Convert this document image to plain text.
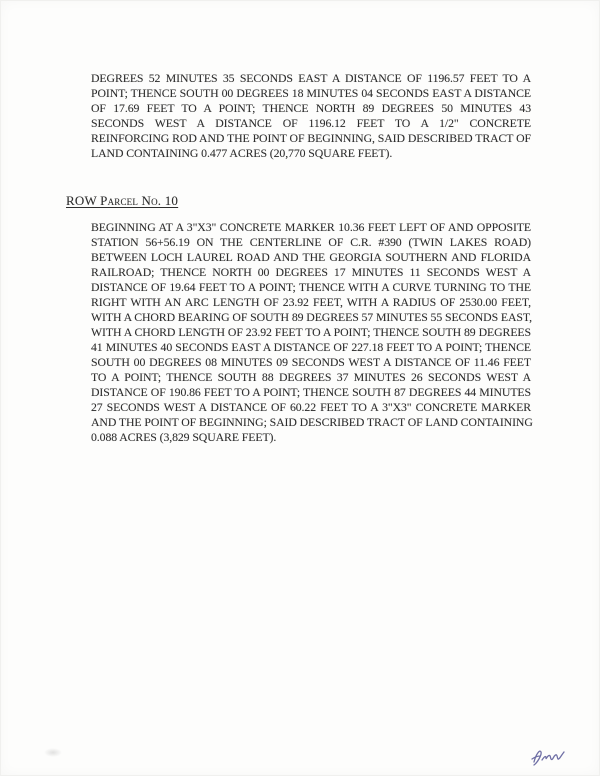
DEGREES 52 MINUTES 35 SECONDS EAST A DISTANCE OF 1196.57 FEET TO A
POINT; THENCE SOUTH 00 DEGREES 18 MINUTES 04 SECONDS EAST A DISTANCE
OF 17.69 FEET TO A POINT; THENCE NORTH 89 DEGREES 50 MINUTES 43
SECONDS WEST A DISTANCE OF 1196.12 FEET TO A 1/2" CONCRETE
REINFORCING ROD AND THE POINT OF BEGINNING, SAID DESCRIBED TRACT OF
LAND CONTAINING 0.477 ACRES (20,770 SQUARE FEET).
ROW Parcel No. 10
BEGINNING AT A 3"X3" CONCRETE MARKER 10.36 FEET LEFT OF AND OPPOSITE
STATION 56+56.19 ON THE CENTERLINE OF C.R. #390 (TWIN LAKES ROAD)
BETWEEN LOCH LAUREL ROAD AND THE GEORGIA SOUTHERN AND FLORIDA
RAILROAD; THENCE NORTH 00 DEGREES 17 MINUTES 11 SECONDS WEST A
DISTANCE OF 19.64 FEET TO A POINT; THENCE WITH A CURVE TURNING TO THE
RIGHT WITH AN ARC LENGTH OF 23.92 FEET, WITH A RADIUS OF 2530.00 FEET,
WITH A CHORD BEARING OF SOUTH 89 DEGREES 57 MINUTES 55 SECONDS EAST,
WITH A CHORD LENGTH OF 23.92 FEET TO A POINT; THENCE SOUTH 89 DEGREES
41 MINUTES 40 SECONDS EAST A DISTANCE OF 227.18 FEET TO A POINT; THENCE
SOUTH 00 DEGREES 08 MINUTES 09 SECONDS WEST A DISTANCE OF 11.46 FEET
TO A POINT; THENCE SOUTH 88 DEGREES 37 MINUTES 26 SECONDS WEST A
DISTANCE OF 190.86 FEET TO A POINT; THENCE SOUTH 87 DEGREES 44 MINUTES
27 SECONDS WEST A DISTANCE OF 60.22 FEET TO A 3"X3" CONCRETE MARKER
AND THE POINT OF BEGINNING; SAID DESCRIBED TRACT OF LAND CONTAINING
0.088 ACRES (3,829 SQUARE FEET).
